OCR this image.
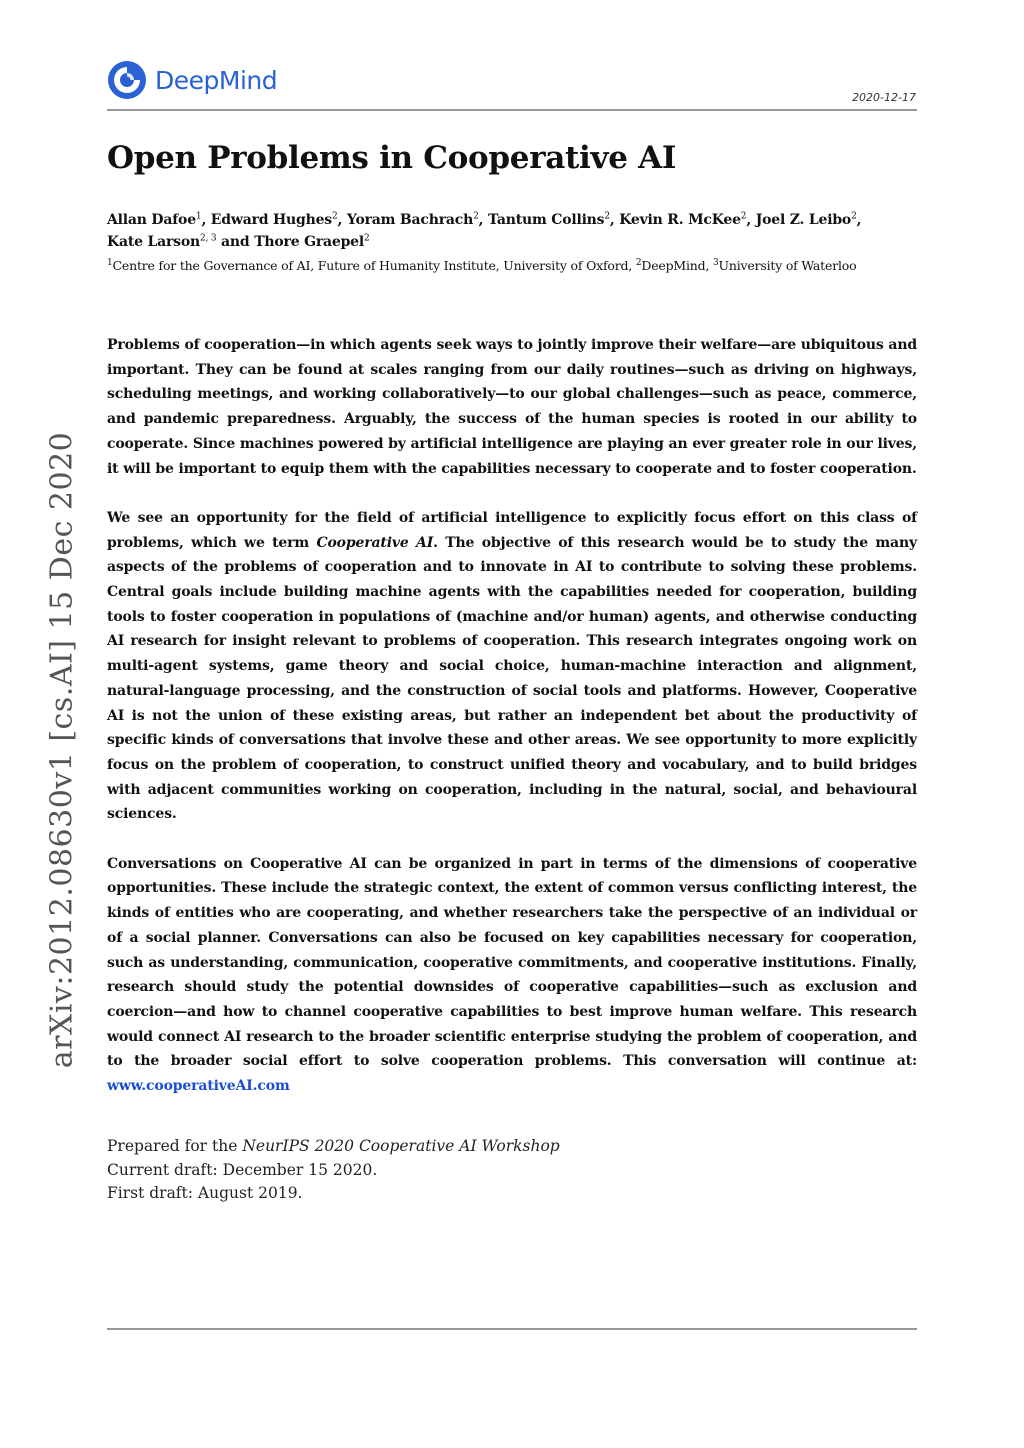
DeepMind
2020-12-17
Open Problems in Cooperative AI
Allan Dafoe$^1$, Edward Hughes$^2$, Yoram Bachrach$^2$, Tantum Collins$^2$, Kevin R. McKee$^2$, Joel Z. Leibo$^2$,
Kate Larson$^{2, 3}$ and Thore Graepel$^2$
$^1$Centre for the Governance of AI, Future of Humanity Institute, University of Oxford, $^2$DeepMind, $^3$University of Waterloo

Problems of cooperation—in which agents seek ways to jointly improve their welfare—are ubiquitous and important. They can be found at scales ranging from our daily routines—such as driving on highways, scheduling meetings, and working collaboratively—to our global challenges—such as peace, commerce, and pandemic preparedness. Arguably, the success of the human species is rooted in our ability to cooperate. Since machines powered by artificial intelligence are playing an ever greater role in our lives, it will be important to equip them with the capabilities necessary to cooperate and to foster cooperation.

We see an opportunity for the field of artificial intelligence to explicitly focus effort on this class of problems, which we term Cooperative AI. The objective of this research would be to study the many aspects of the problems of cooperation and to innovate in AI to contribute to solving these problems. Central goals include building machine agents with the capabilities needed for cooperation, building tools to foster cooperation in populations of (machine and/or human) agents, and otherwise conducting AI research for insight relevant to problems of cooperation. This research integrates ongoing work on multi-agent systems, game theory and social choice, human-machine interaction and alignment, natural-language processing, and the construction of social tools and platforms. However, Cooperative AI is not the union of these existing areas, but rather an independent bet about the productivity of specific kinds of conversations that involve these and other areas. We see opportunity to more explicitly focus on the problem of cooperation, to construct unified theory and vocabulary, and to build bridges with adjacent communities working on cooperation, including in the natural, social, and behavioural sciences.

Conversations on Cooperative AI can be organized in part in terms of the dimensions of cooperative opportunities. These include the strategic context, the extent of common versus conflicting interest, the kinds of entities who are cooperating, and whether researchers take the perspective of an individual or of a social planner. Conversations can also be focused on key capabilities necessary for cooperation, such as understanding, communication, cooperative commitments, and cooperative institutions. Finally, research should study the potential downsides of cooperative capabilities—such as exclusion and coercion—and how to channel cooperative capabilities to best improve human welfare. This research would connect AI research to the broader scientific enterprise studying the problem of cooperation, and to the broader social effort to solve cooperation problems. This conversation will continue at: www.cooperativeAI.com

Prepared for the NeurIPS 2020 Cooperative AI Workshop
Current draft: December 15 2020.
First draft: August 2019.
arXiv:2012.08630v1 [cs.AI] 15 Dec 2020
